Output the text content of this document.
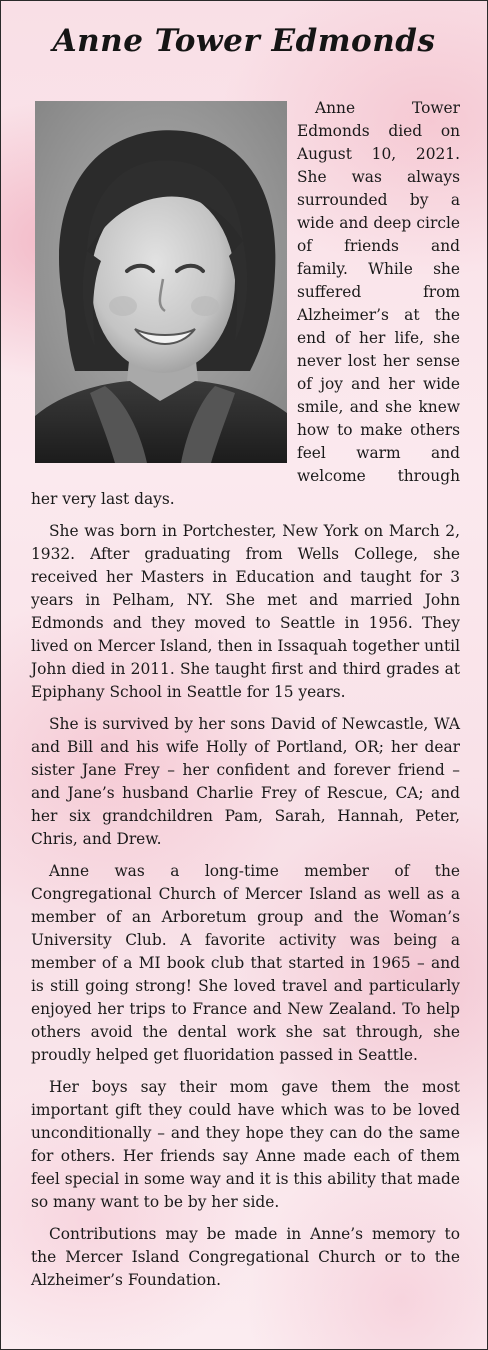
Anne Tower Edmonds

Anne Tower Edmonds died on August 10, 2021. She was always surrounded by a wide and deep circle of friends and family. While she suffered from Alzheimer’s at the end of her life, she never lost her sense of joy and her wide smile, and she knew how to make others feel warm and welcome through her very last days.

She was born in Portchester, New York on March 2, 1932. After graduating from Wells College, she received her Masters in Education and taught for 3 years in Pelham, NY. She met and married John Edmonds and they moved to Seattle in 1956. They lived on Mercer Island, then in Issaquah together until John died in 2011. She taught first and third grades at Epiphany School in Seattle for 15 years.

She is survived by her sons David of Newcastle, WA and Bill and his wife Holly of Portland, OR; her dear sister Jane Frey – her confident and forever friend – and Jane’s husband Charlie Frey of Rescue, CA; and her six grandchildren Pam, Sarah, Hannah, Peter, Chris, and Drew.

Anne was a long-time member of the Congregational Church of Mercer Island as well as a member of an Arboretum group and the Woman’s University Club. A favorite activity was being a member of a MI book club that started in 1965 – and is still going strong! She loved travel and particularly enjoyed her trips to France and New Zealand. To help others avoid the dental work she sat through, she proudly helped get fluoridation passed in Seattle.

Her boys say their mom gave them the most important gift they could have which was to be loved unconditionally – and they hope they can do the same for others. Her friends say Anne made each of them feel special in some way and it is this ability that made so many want to be by her side.

Contributions may be made in Anne’s memory to the Mercer Island Congregational Church or to the Alzheimer’s Foundation.
